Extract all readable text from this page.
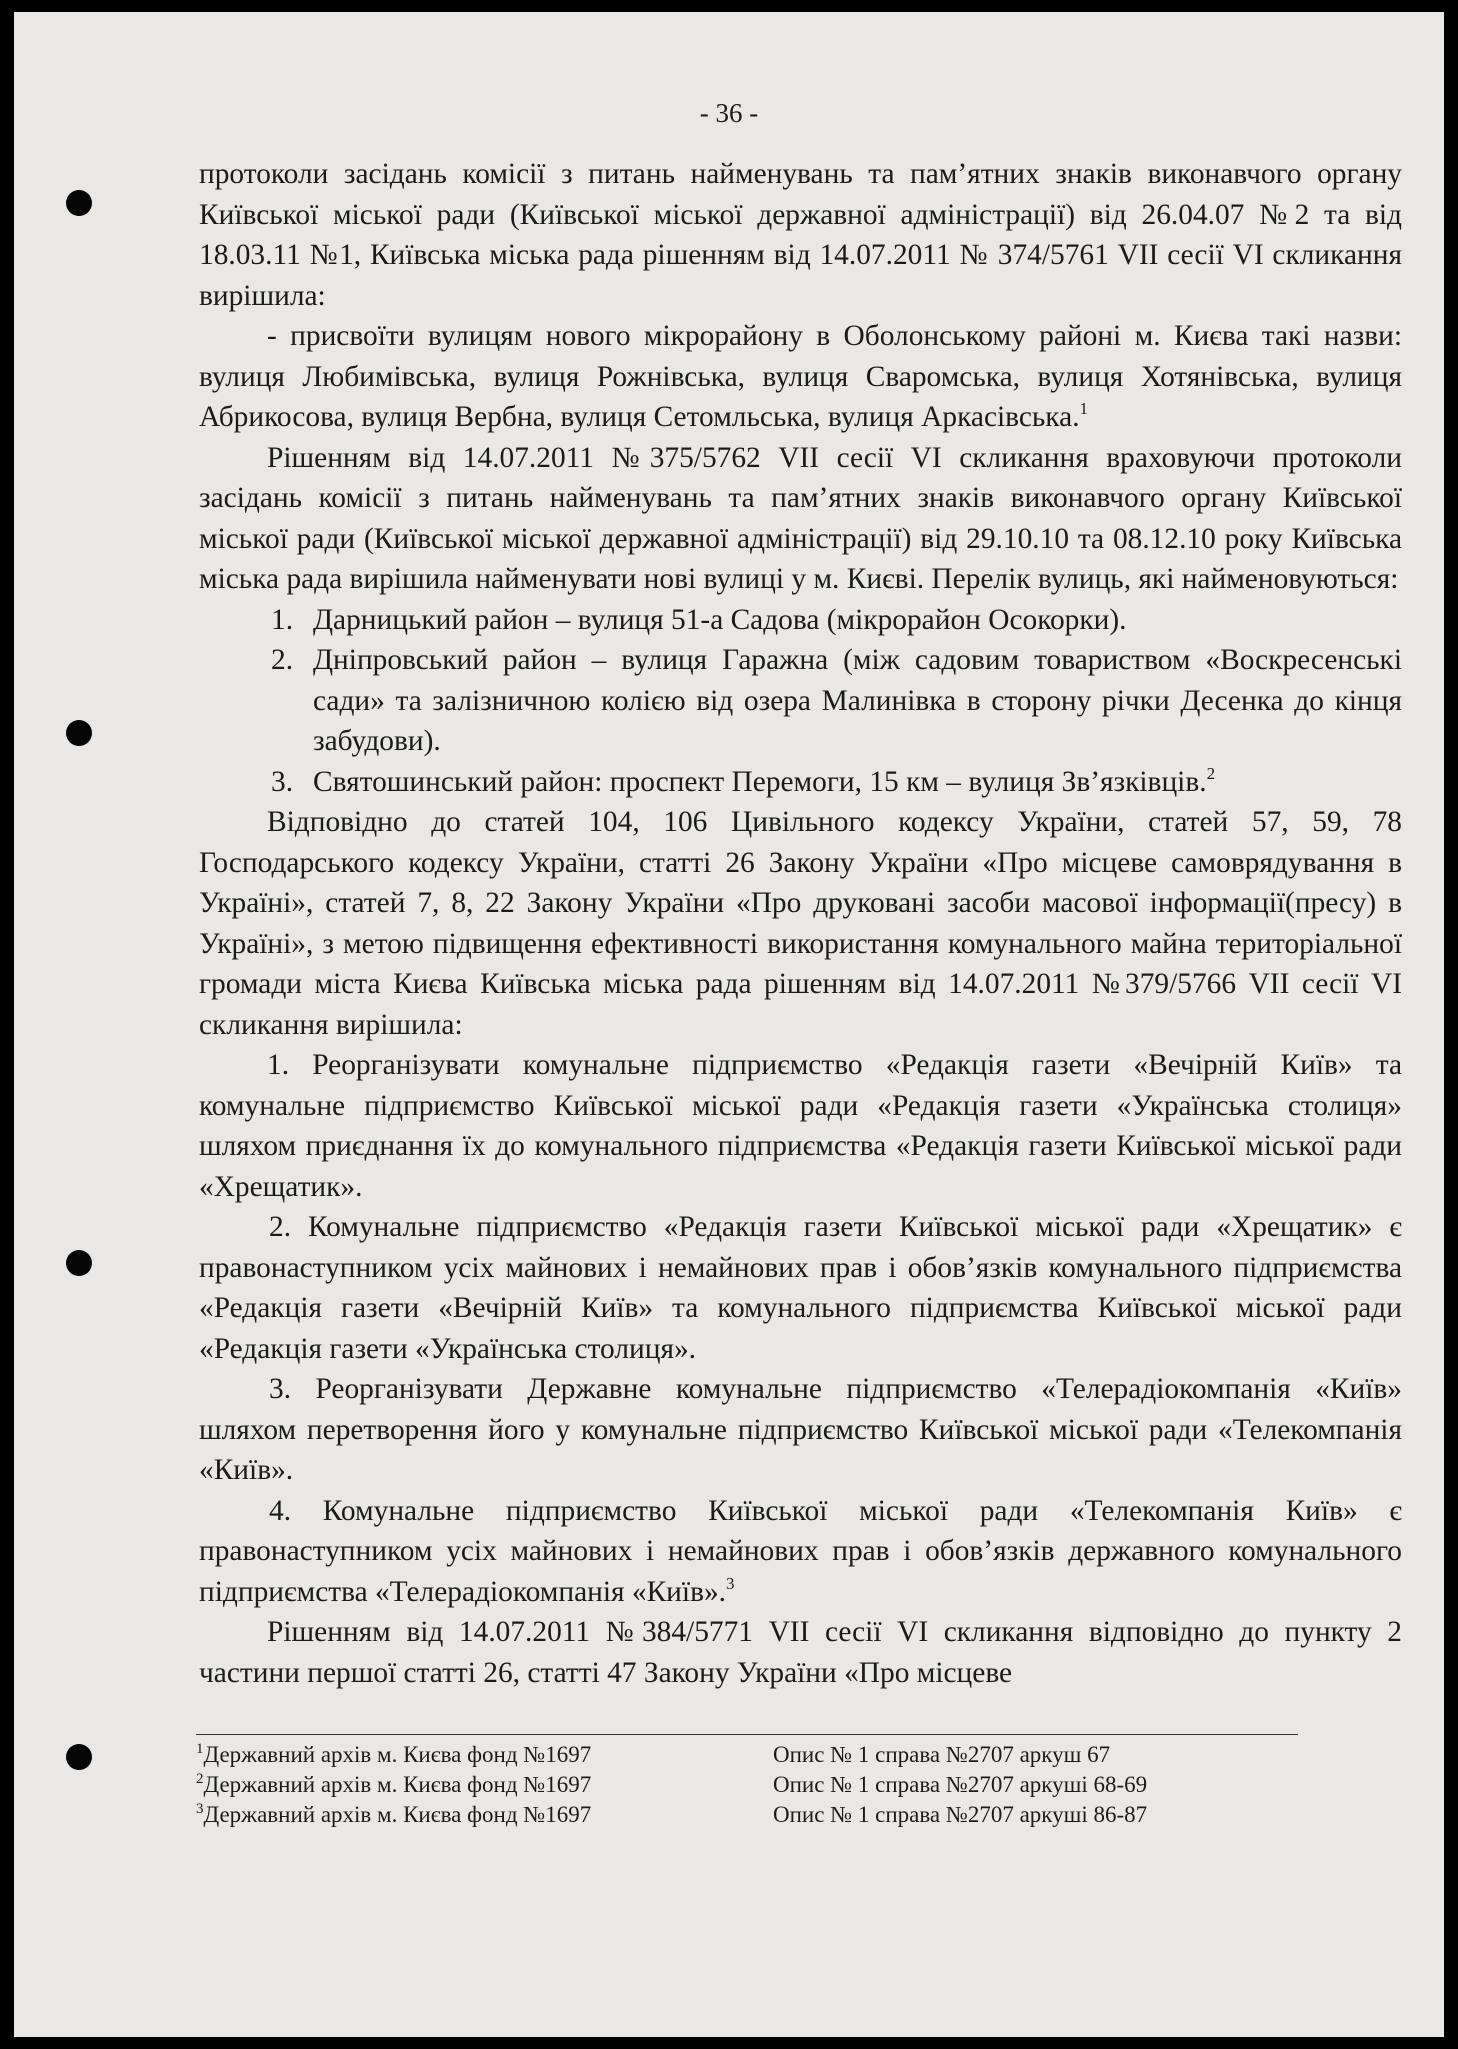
- 36 -

протоколи засідань комісії з питань найменувань та пам’ятних знаків виконавчого органу Київської міської ради (Київської міської державної адміністрації) від 26.04.07 №2 та від 18.03.11 №1, Київська міська рада рішенням від 14.07.2011 № 374/5761 VII сесії VI скликання вирішила:

- присвоїти вулицям нового мікрорайону в Оболонському районі м. Києва такі назви: вулиця Любимівська, вулиця Рожнівська, вулиця Сваромська, вулиця Хотянівська, вулиця Абрикосова, вулиця Вербна, вулиця Сетомльська, вулиця Аркасівська.$^1$

Рішенням від 14.07.2011 №375/5762 VII сесії VI скликання враховуючи протоколи засідань комісії з питань найменувань та пам’ятних знаків виконавчого органу Київської міської ради (Київської міської державної адміністрації) від 29.10.10 та 08.12.10 року Київська міська рада вирішила найменувати нові вулиці у м. Києві. Перелік вулиць, які найменовуються:

1. Дарницький район – вулиця 51-а Садова (мікрорайон Осокорки).
2. Дніпровський район – вулиця Гаражна (між садовим товариством «Воскресенські сади» та залізничною колією від озера Малинівка в сторону річки Десенка до кінця забудови).
3. Святошинський район: проспект Перемоги, 15 км – вулиця Зв’язківців.$^2$

Відповідно до статей 104, 106 Цивільного кодексу України, статей 57, 59, 78 Господарського кодексу України, статті 26 Закону України «Про місцеве самоврядування в Україні», статей 7, 8, 22 Закону України «Про друковані засоби масової інформації(пресу) в Україні», з метою підвищення ефективності використання комунального майна територіальної громади міста Києва Київська міська рада рішенням від 14.07.2011 №379/5766 VII сесії VI скликання вирішила:

1. Реорганізувати комунальне підприємство «Редакція газети «Вечірній Київ» та комунальне підприємство Київської міської ради «Редакція газети «Українська столиця» шляхом приєднання їх до комунального підприємства «Редакція газети Київської міської ради «Хрещатик».

2. Комунальне підприємство «Редакція газети Київської міської ради «Хрещатик» є правонаступником усіх майнових і немайнових прав і обов’язків комунального підприємства «Редакція газети «Вечірній Київ» та комунального підприємства Київської міської ради «Редакція газети «Українська столиця».

3. Реорганізувати Державне комунальне підприємство «Телерадіокомпанія «Київ» шляхом перетворення його у комунальне підприємство Київської міської ради «Телекомпанія «Київ».

4. Комунальне підприємство Київської міської ради «Телекомпанія Київ» є правонаступником усіх майнових і немайнових прав і обов’язків державного комунального підприємства «Телерадіокомпанія «Київ».$^3$

Рішенням від 14.07.2011 №384/5771 VII сесії VI скликання відповідно до пункту 2 частини першої статті 26, статті 47 Закону України «Про місцеве

$^1$Державний архів м. Києва фонд №1697	Опис № 1 справа №2707 аркуш 67
$^2$Державний архів м. Києва фонд №1697	Опис № 1 справа №2707 аркуші 68-69
$^3$Державний архів м. Києва фонд №1697	Опис № 1 справа №2707 аркуші 86-87
